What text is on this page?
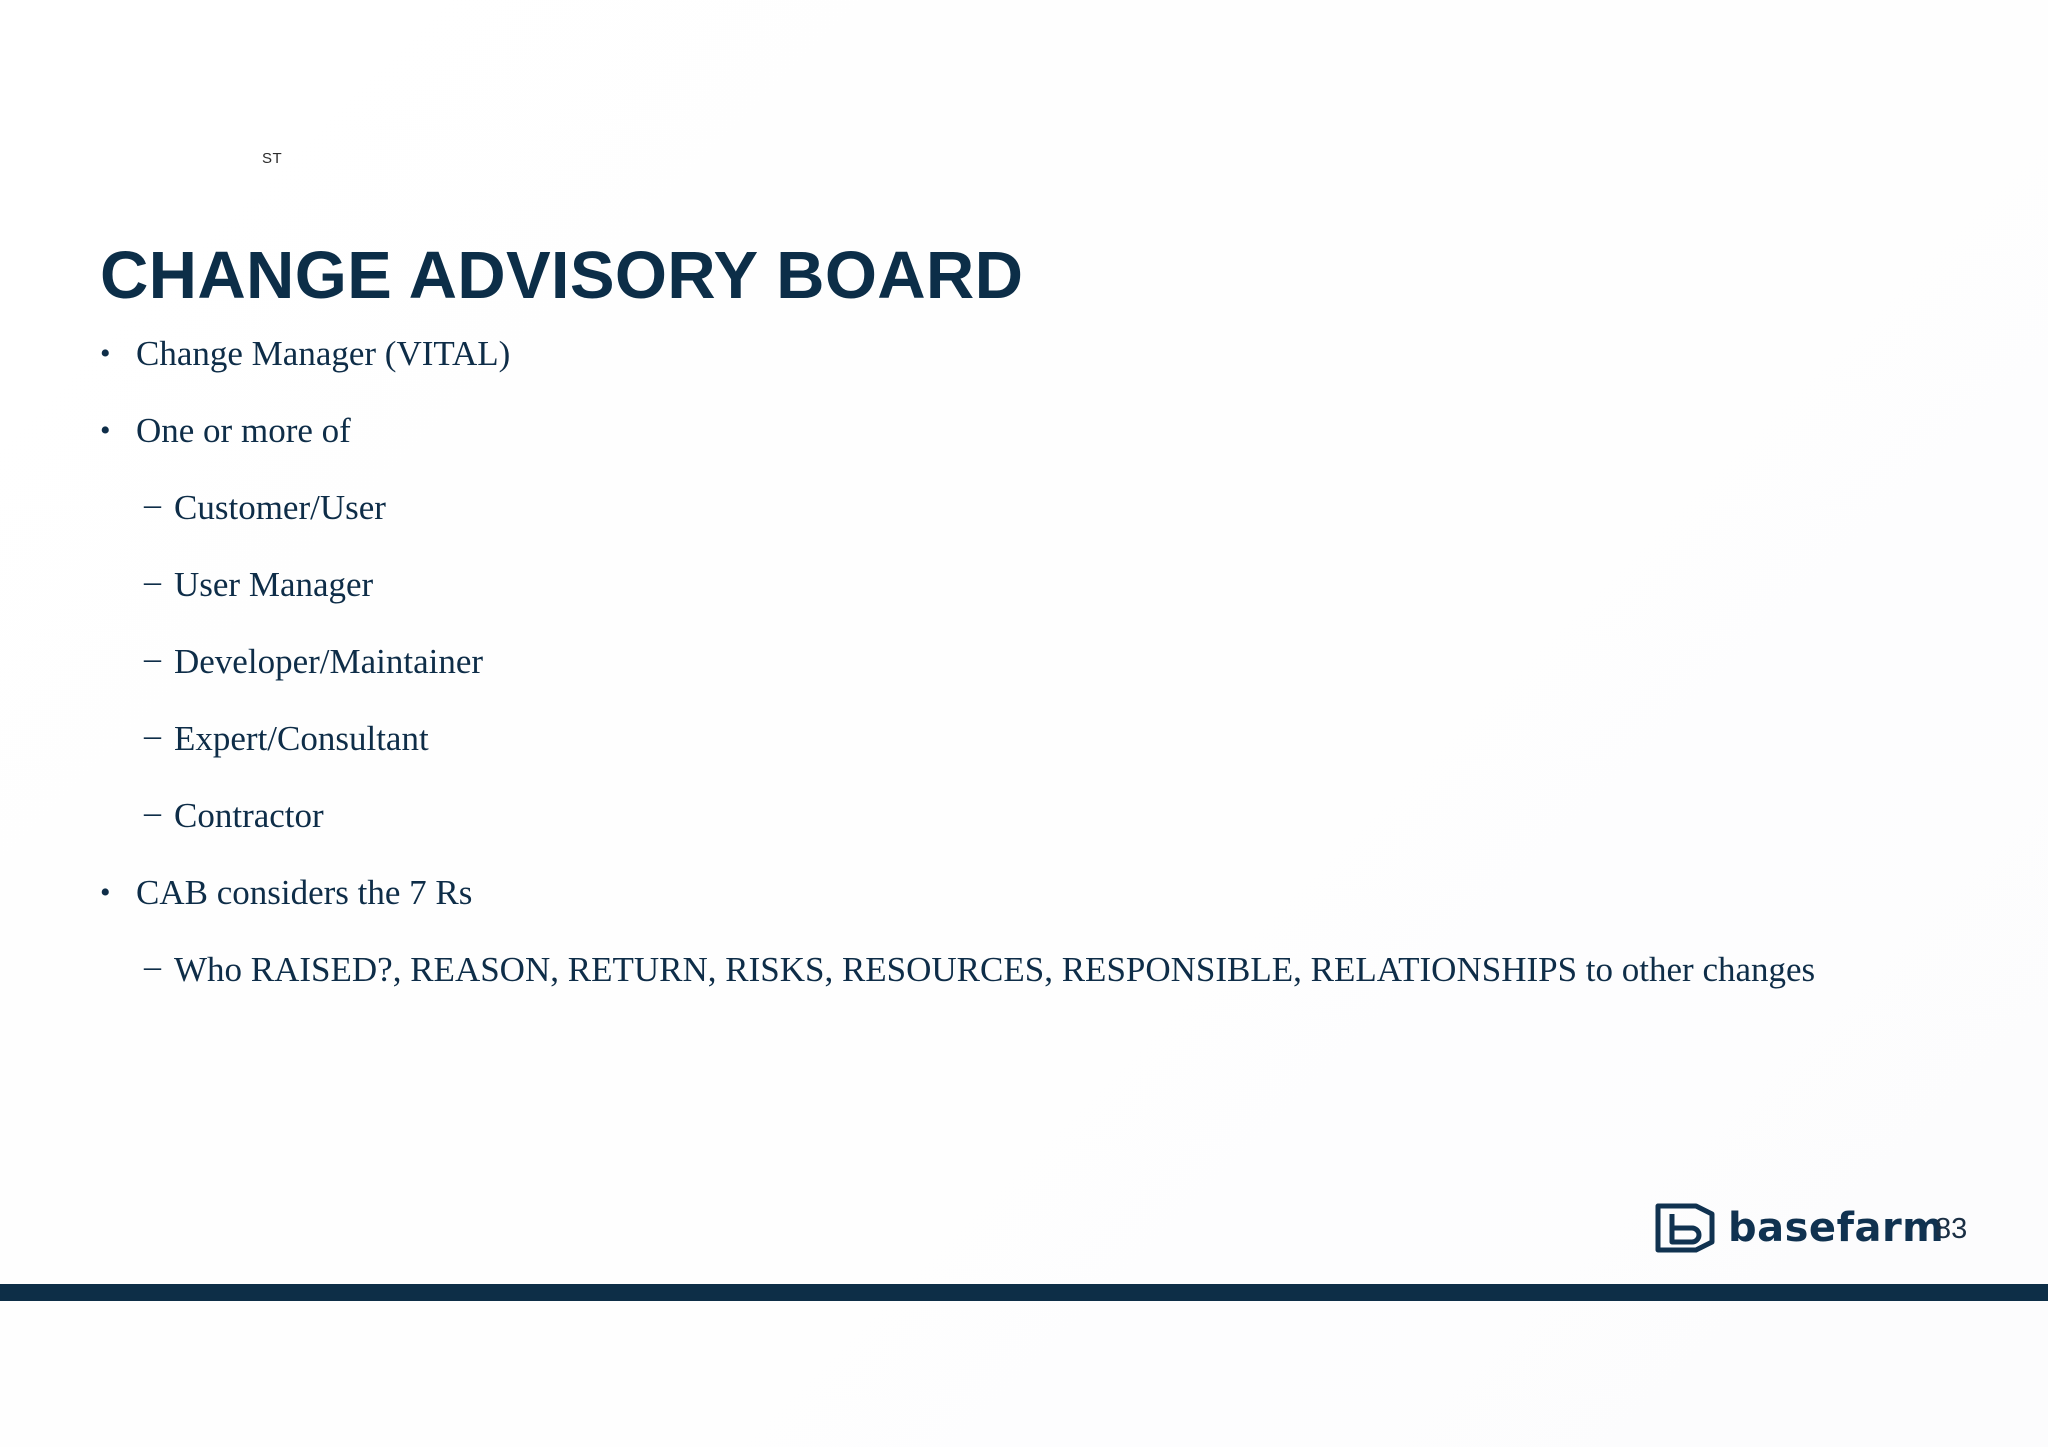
ST
CHANGE ADVISORY BOARD
• Change Manager (VITAL)
• One or more of
– Customer/User
– User Manager
– Developer/Maintainer
– Expert/Consultant
– Contractor
• CAB considers the 7 Rs
– Who RAISED?, REASON, RETURN, RISKS, RESOURCES, RESPONSIBLE, RELATIONSHIPS to other changes
basefarm
83
